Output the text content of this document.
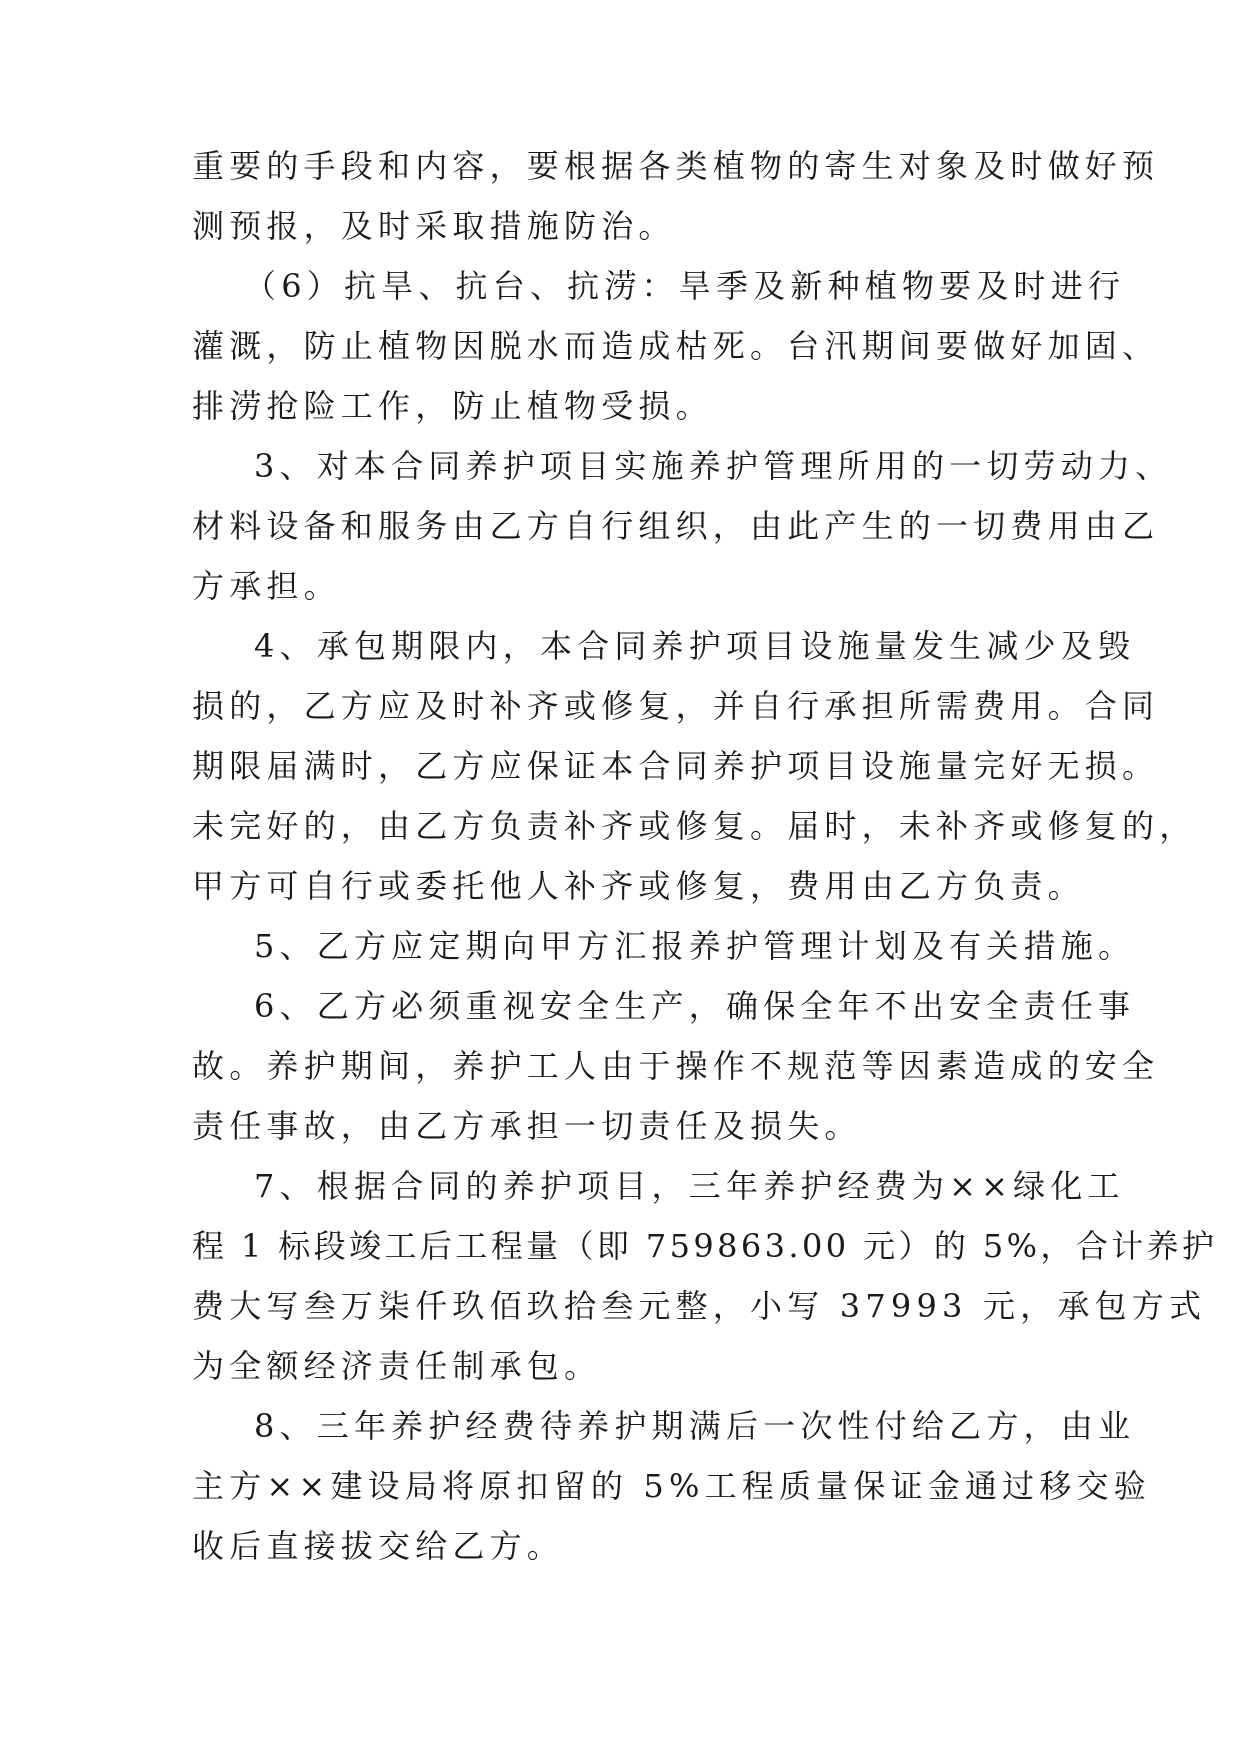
重要的手段和内容，要根据各类植物的寄生对象及时做好预
测预报，及时采取措施防治。
（6）抗旱、抗台、抗涝：旱季及新种植物要及时进行
灌溉，防止植物因脱水而造成枯死。台汛期间要做好加固、
排涝抢险工作，防止植物受损。
3、对本合同养护项目实施养护管理所用的一切劳动力、
材料设备和服务由乙方自行组织，由此产生的一切费用由乙
方承担。
4、承包期限内，本合同养护项目设施量发生减少及毁
损的，乙方应及时补齐或修复，并自行承担所需费用。合同
期限届满时，乙方应保证本合同养护项目设施量完好无损。
未完好的，由乙方负责补齐或修复。届时，未补齐或修复的，
甲方可自行或委托他人补齐或修复，费用由乙方负责。
5、乙方应定期向甲方汇报养护管理计划及有关措施。
6、乙方必须重视安全生产，确保全年不出安全责任事
故。养护期间，养护工人由于操作不规范等因素造成的安全
责任事故，由乙方承担一切责任及损失。
7、根据合同的养护项目，三年养护经费为××绿化工
程 1 标段竣工后工程量（即 759863.00 元）的 5%，合计养护
费大写叁万柒仟玖佰玖拾叁元整，小写 37993 元，承包方式
为全额经济责任制承包。
8、三年养护经费待养护期满后一次性付给乙方，由业
主方××建设局将原扣留的 5%工程质量保证金通过移交验
收后直接拔交给乙方。
